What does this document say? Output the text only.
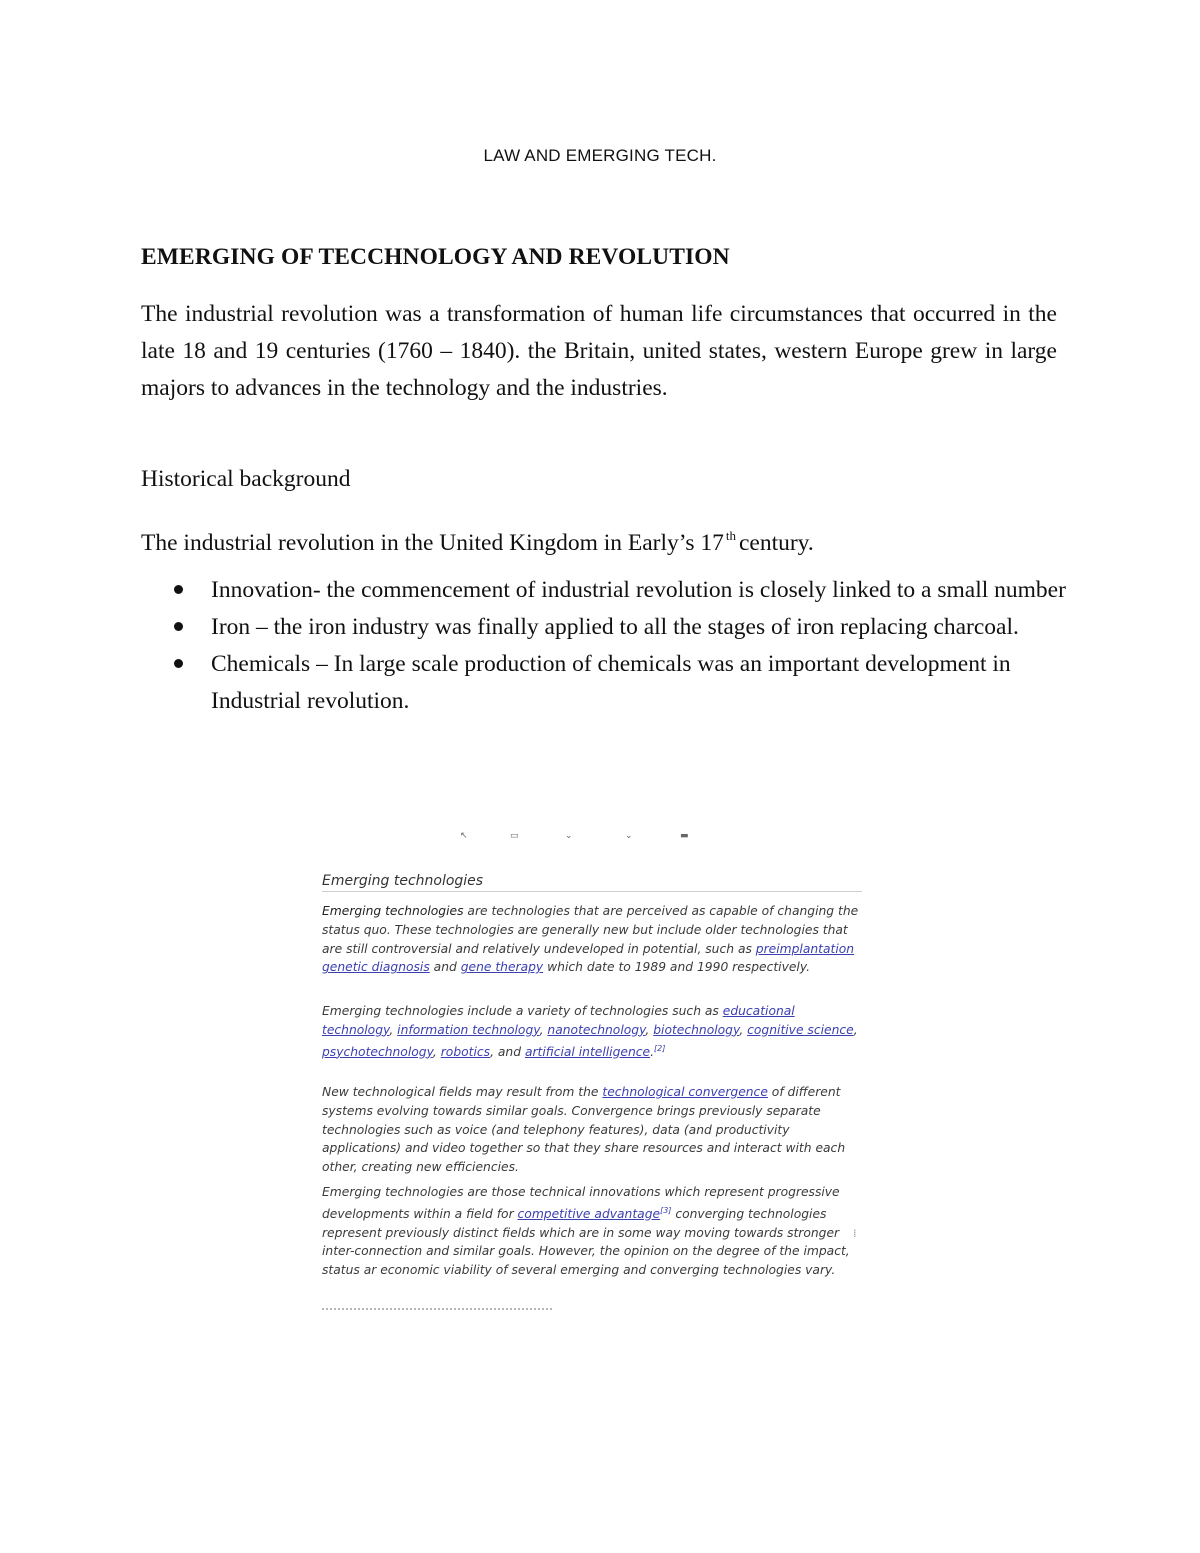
LAW AND EMERGING TECH.
EMERGING OF TECCHNOLOGY AND REVOLUTION

The industrial revolution was a transformation of human life circumstances that occurred in the late 18 and 19 centuries (1760 – 1840). the Britain, united states, western Europe grew in large majors to advances in the technology and the industries.

Historical background

The industrial revolution in the United Kingdom in Early’s 17 $^{th}$ century.

Innovation- the commencement of industrial revolution is closely linked to a small number
Iron – the iron industry was finally applied to all the stages of iron replacing charcoal.
Chemicals – In large scale production of chemicals was an important development in Industrial revolution.
↖	▭	⌄	⌄	▬
Emerging technologies

Emerging technologies are technologies that are perceived as capable of changing the status quo. These technologies are generally new but include older technologies that are still controversial and relatively undeveloped in potential, such as preimplantation genetic diagnosis and gene therapy which date to 1989 and 1990 respectively.

Emerging technologies include a variety of technologies such as educational technology, information technology, nanotechnology, biotechnology, cognitive science, psychotechnology, robotics, and artificial intelligence.[2]

New technological fields may result from the technological convergence of different systems evolving towards similar goals. Convergence brings previously separate technologies such as voice (and telephony features), data (and productivity applications) and video together so that they share resources and interact with each other, creating new efficiencies.

Emerging technologies are those technical innovations which represent progressive developments within a field for competitive advantage[3] converging technologies represent previously distinct fields which are in some way moving towards stronger inter-connection and similar goals. However, the opinion on the degree of the impact, status ar economic viability of several emerging and converging technologies vary.

⁞
